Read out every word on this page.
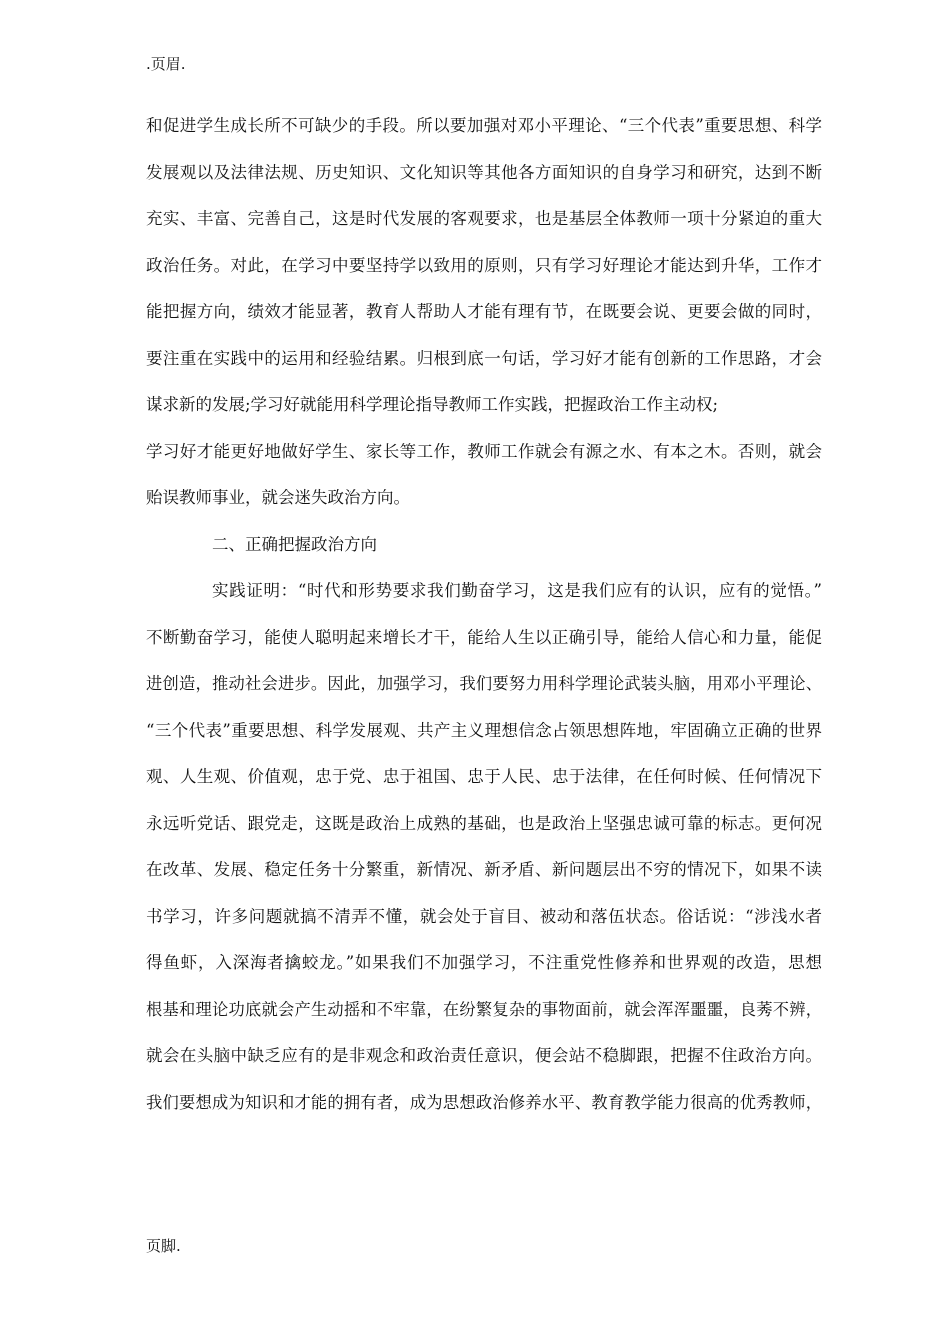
.页眉.
和促进学生成长所不可缺少的手段。所以要加强对邓小平理论、“三个代表”重要思想、科学
发展观以及法律法规、历史知识、文化知识等其他各方面知识的自身学习和研究，达到不断
充实、丰富、完善自己，这是时代发展的客观要求，也是基层全体教师一项十分紧迫的重大
政治任务。对此，在学习中要坚持学以致用的原则，只有学习好理论才能达到升华，工作才
能把握方向，绩效才能显著，教育人帮助人才能有理有节，在既要会说、更要会做的同时，
要注重在实践中的运用和经验结累。归根到底一句话，学习好才能有创新的工作思路，才会
谋求新的发展;学习好就能用科学理论指导教师工作实践，把握政治工作主动权;
学习好才能更好地做好学生、家长等工作，教师工作就会有源之水、有本之木。否则，就会
贻误教师事业，就会迷失政治方向。
二、正确把握政治方向
实践证明：“时代和形势要求我们勤奋学习，这是我们应有的认识，应有的觉悟。”
不断勤奋学习，能使人聪明起来增长才干，能给人生以正确引导，能给人信心和力量，能促
进创造，推动社会进步。因此，加强学习，我们要努力用科学理论武装头脑，用邓小平理论、
“三个代表”重要思想、科学发展观、共产主义理想信念占领思想阵地，牢固确立正确的世界
观、人生观、价值观，忠于党、忠于祖国、忠于人民、忠于法律，在任何时候、任何情况下
永远听党话、跟党走，这既是政治上成熟的基础，也是政治上坚强忠诚可靠的标志。更何况
在改革、发展、稳定任务十分繁重，新情况、新矛盾、新问题层出不穷的情况下，如果不读
书学习，许多问题就搞不清弄不懂，就会处于盲目、被动和落伍状态。俗话说：“涉浅水者
得鱼虾，入深海者擒蛟龙。”如果我们不加强学习，不注重党性修养和世界观的改造，思想
根基和理论功底就会产生动摇和不牢靠，在纷繁复杂的事物面前，就会浑浑噩噩，良莠不辨，
就会在头脑中缺乏应有的是非观念和政治责任意识，便会站不稳脚跟，把握不住政治方向。
我们要想成为知识和才能的拥有者，成为思想政治修养水平、教育教学能力很高的优秀教师，
页脚.
